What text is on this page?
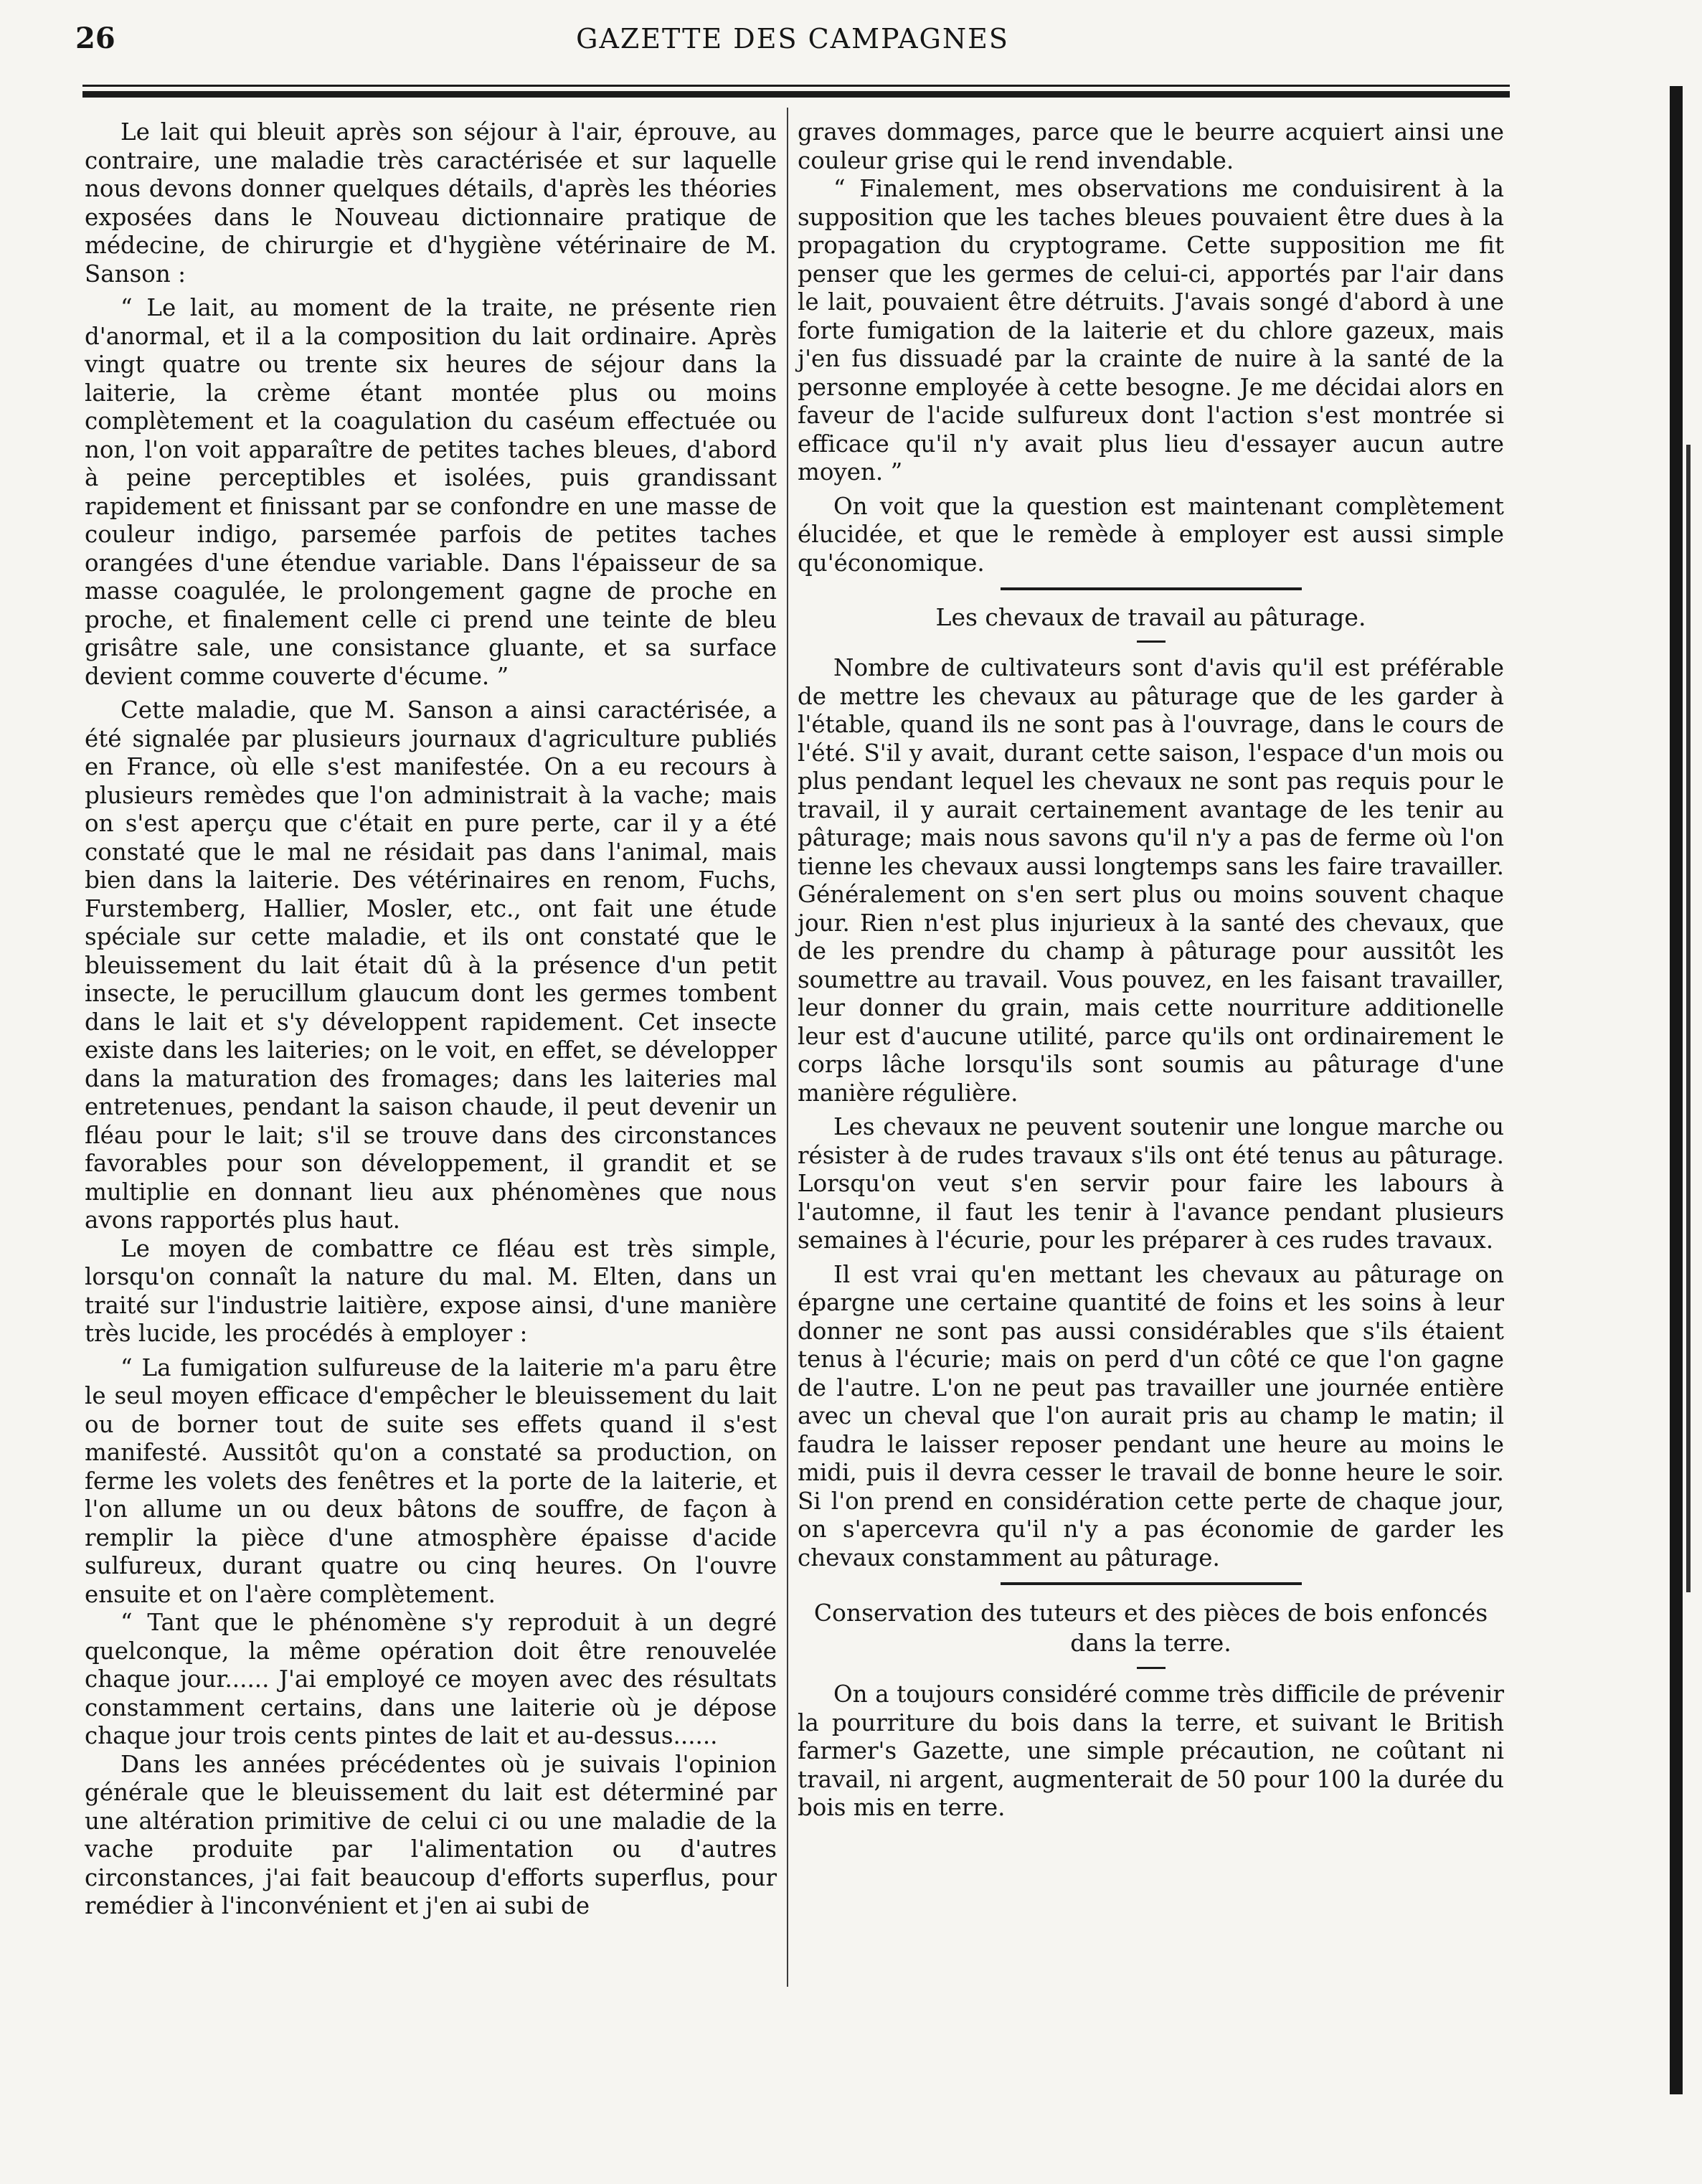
26	GAZETTE DES CAMPAGNES

Le lait qui bleuit après son séjour à l'air, éprouve, au contraire, une maladie très caractérisée et sur laquelle nous devons donner quelques détails, d'après les théories exposées dans le Nouveau dictionnaire pratique de médecine, de chirurgie et d'hygiène vétérinaire de M. Sanson :

“ Le lait, au moment de la traite, ne présente rien d'anormal, et il a la composition du lait ordinaire. Après vingt quatre ou trente six heures de séjour dans la laiterie, la crème étant montée plus ou moins complètement et la coagulation du caséum effectuée ou non, l'on voit apparaître de petites taches bleues, d'abord à peine perceptibles et isolées, puis grandissant rapidement et finissant par se confondre en une masse de couleur indigo, parsemée parfois de petites taches orangées d'une étendue variable. Dans l'épaisseur de sa masse coagulée, le prolongement gagne de proche en proche, et finalement celle ci prend une teinte de bleu grisâtre sale, une consistance gluante, et sa surface devient comme couverte d'écume. ”

Cette maladie, que M. Sanson a ainsi caractérisée, a été signalée par plusieurs journaux d'agriculture publiés en France, où elle s'est manifestée. On a eu recours à plusieurs remèdes que l'on administrait à la vache; mais on s'est aperçu que c'était en pure perte, car il y a été constaté que le mal ne résidait pas dans l'animal, mais bien dans la laiterie. Des vétérinaires en renom, Fuchs, Furstemberg, Hallier, Mosler, etc., ont fait une étude spéciale sur cette maladie, et ils ont constaté que le bleuissement du lait était dû à la présence d'un petit insecte, le perucillum glaucum dont les germes tombent dans le lait et s'y développent rapidement. Cet insecte existe dans les laiteries; on le voit, en effet, se développer dans la maturation des fromages; dans les laiteries mal entretenues, pendant la saison chaude, il peut devenir un fléau pour le lait; s'il se trouve dans des circonstances favorables pour son développement, il grandit et se multiplie en donnant lieu aux phénomènes que nous avons rapportés plus haut.

Le moyen de combattre ce fléau est très simple, lorsqu'on connaît la nature du mal. M. Elten, dans un traité sur l'industrie laitière, expose ainsi, d'une manière très lucide, les procédés à employer :

“ La fumigation sulfureuse de la laiterie m'a paru être le seul moyen efficace d'empêcher le bleuissement du lait ou de borner tout de suite ses effets quand il s'est manifesté. Aussitôt qu'on a constaté sa production, on ferme les volets des fenêtres et la porte de la laiterie, et l'on allume un ou deux bâtons de souffre, de façon à remplir la pièce d'une atmosphère épaisse d'acide sulfureux, durant quatre ou cinq heures. On l'ouvre ensuite et on l'aère complètement.

“ Tant que le phénomène s'y reproduit à un degré quelconque, la même opération doit être renouvelée chaque jour...... J'ai employé ce moyen avec des résultats constamment certains, dans une laiterie où je dépose chaque jour trois cents pintes de lait et au-dessus......

Dans les années précédentes où je suivais l'opinion générale que le bleuissement du lait est déterminé par une altération primitive de celui ci ou une maladie de la vache produite par l'alimentation ou d'autres circonstances, j'ai fait beaucoup d'efforts superflus, pour remédier à l'inconvénient et j'en ai subi de

graves dommages, parce que le beurre acquiert ainsi une couleur grise qui le rend invendable.

“ Finalement, mes observations me conduisirent à la supposition que les taches bleues pouvaient être dues à la propagation du cryptograme. Cette supposition me fit penser que les germes de celui-ci, apportés par l'air dans le lait, pouvaient être détruits. J'avais songé d'abord à une forte fumigation de la laiterie et du chlore gazeux, mais j'en fus dissuadé par la crainte de nuire à la santé de la personne employée à cette besogne. Je me décidai alors en faveur de l'acide sulfureux dont l'action s'est montrée si efficace qu'il n'y avait plus lieu d'essayer aucun autre moyen. ”

On voit que la question est maintenant complètement élucidée, et que le remède à employer est aussi simple qu'économique.

Les chevaux de travail au pâturage.

Nombre de cultivateurs sont d'avis qu'il est préférable de mettre les chevaux au pâturage que de les garder à l'étable, quand ils ne sont pas à l'ouvrage, dans le cours de l'été. S'il y avait, durant cette saison, l'espace d'un mois ou plus pendant lequel les chevaux ne sont pas requis pour le travail, il y aurait certainement avantage de les tenir au pâturage; mais nous savons qu'il n'y a pas de ferme où l'on tienne les chevaux aussi longtemps sans les faire travailler. Généralement on s'en sert plus ou moins souvent chaque jour. Rien n'est plus injurieux à la santé des chevaux, que de les prendre du champ à pâturage pour aussitôt les soumettre au travail. Vous pouvez, en les faisant travailler, leur donner du grain, mais cette nourriture additionelle leur est d'aucune utilité, parce qu'ils ont ordinairement le corps lâche lorsqu'ils sont soumis au pâturage d'une manière régulière.

Les chevaux ne peuvent soutenir une longue marche ou résister à de rudes travaux s'ils ont été tenus au pâturage. Lorsqu'on veut s'en servir pour faire les labours à l'automne, il faut les tenir à l'avance pendant plusieurs semaines à l'écurie, pour les préparer à ces rudes travaux.

Il est vrai qu'en mettant les chevaux au pâturage on épargne une certaine quantité de foins et les soins à leur donner ne sont pas aussi considérables que s'ils étaient tenus à l'écurie; mais on perd d'un côté ce que l'on gagne de l'autre. L'on ne peut pas travailler une journée entière avec un cheval que l'on aurait pris au champ le matin; il faudra le laisser reposer pendant une heure au moins le midi, puis il devra cesser le travail de bonne heure le soir. Si l'on prend en considération cette perte de chaque jour, on s'apercevra qu'il n'y a pas économie de garder les chevaux constamment au pâturage.

Conservation des tuteurs et des pièces de bois enfoncés dans la terre.

On a toujours considéré comme très difficile de prévenir la pourriture du bois dans la terre, et suivant le British farmer's Gazette, une simple précaution, ne coûtant ni travail, ni argent, augmenterait de 50 pour 100 la durée du bois mis en terre.
